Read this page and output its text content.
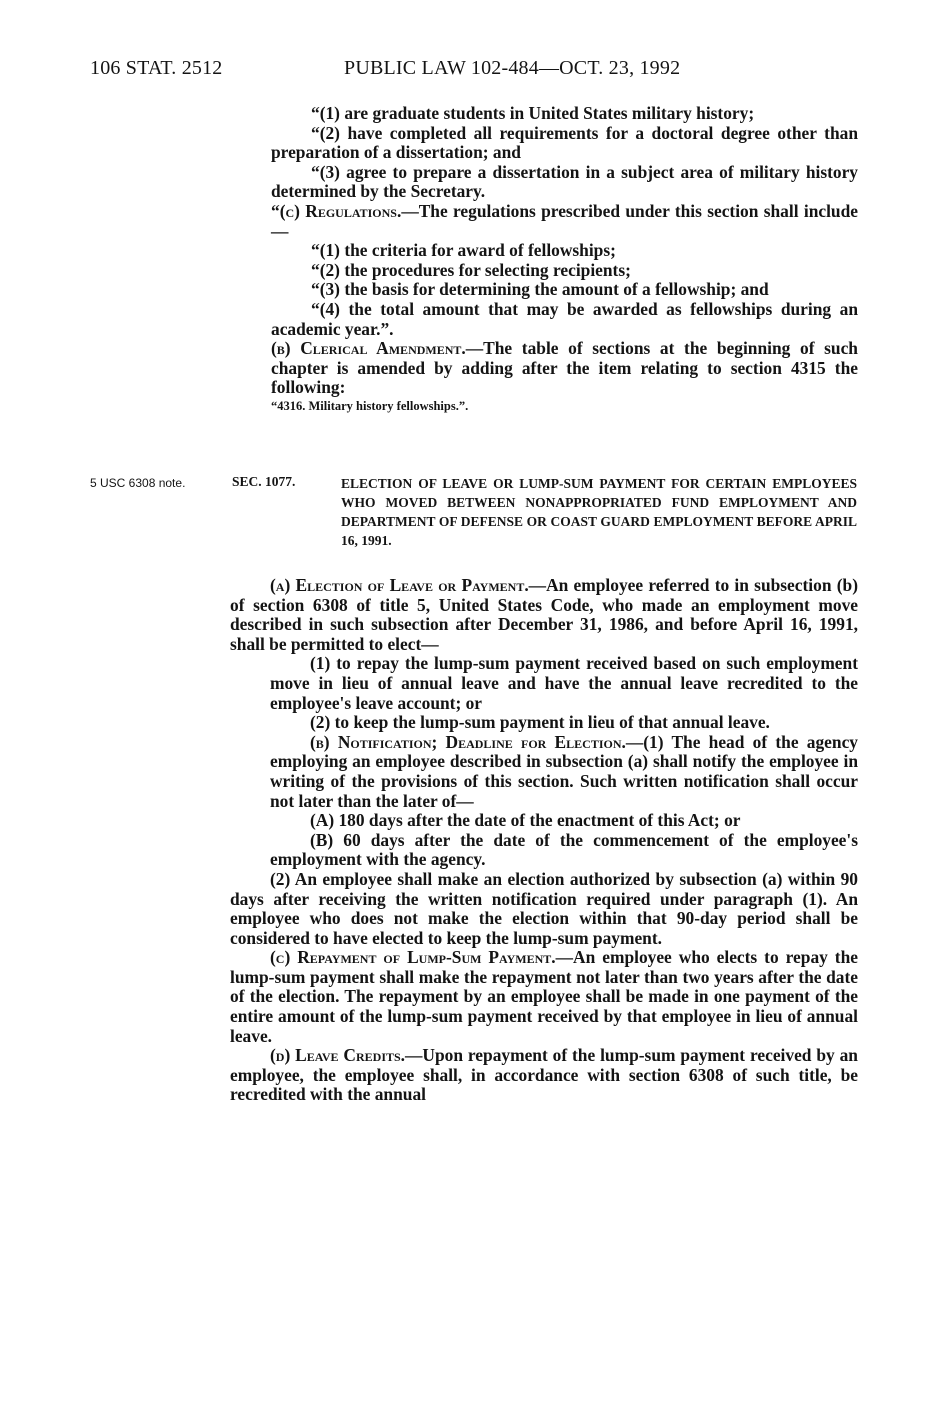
106 STAT. 2512	PUBLIC LAW 102-484—OCT. 23, 1992

“(1) are graduate students in United States military history;

“(2) have completed all requirements for a doctoral degree other than preparation of a dissertation; and

“(3) agree to prepare a dissertation in a subject area of military history determined by the Secretary.

“(c) Regulations.—The regulations prescribed under this section shall include—

“(1) the criteria for award of fellowships;

“(2) the procedures for selecting recipients;

“(3) the basis for determining the amount of a fellowship; and

“(4) the total amount that may be awarded as fellowships during an academic year.”.

(b) Clerical Amendment.—The table of sections at the beginning of such chapter is amended by adding after the item relating to section 4315 the following:

“4316. Military history fellowships.”.

5 USC 6308 note.	SEC. 1077.	ELECTION OF LEAVE OR LUMP-SUM PAYMENT FOR CERTAIN EMPLOYEES WHO MOVED BETWEEN NONAPPROPRIATED FUND EMPLOYMENT AND DEPARTMENT OF DEFENSE OR COAST GUARD EMPLOYMENT BEFORE APRIL 16, 1991.

(a) Election of Leave or Payment.—An employee referred to in subsection (b) of section 6308 of title 5, United States Code, who made an employment move described in such subsection after December 31, 1986, and before April 16, 1991, shall be permitted to elect—

(1) to repay the lump-sum payment received based on such employment move in lieu of annual leave and have the annual leave recredited to the employee's leave account; or

(2) to keep the lump-sum payment in lieu of that annual leave.

(b) Notification; Deadline for Election.—(1) The head of the agency employing an employee described in subsection (a) shall notify the employee in writing of the provisions of this section. Such written notification shall occur not later than the later of—

(A) 180 days after the date of the enactment of this Act; or

(B) 60 days after the date of the commencement of the employee's employment with the agency.

(2) An employee shall make an election authorized by subsection (a) within 90 days after receiving the written notification required under paragraph (1). An employee who does not make the election within that 90-day period shall be considered to have elected to keep the lump-sum payment.

(c) Repayment of Lump-Sum Payment.—An employee who elects to repay the lump-sum payment shall make the repayment not later than two years after the date of the election. The repayment by an employee shall be made in one payment of the entire amount of the lump-sum payment received by that employee in lieu of annual leave.

(d) Leave Credits.—Upon repayment of the lump-sum payment received by an employee, the employee shall, in accordance with section 6308 of such title, be recredited with the annual
